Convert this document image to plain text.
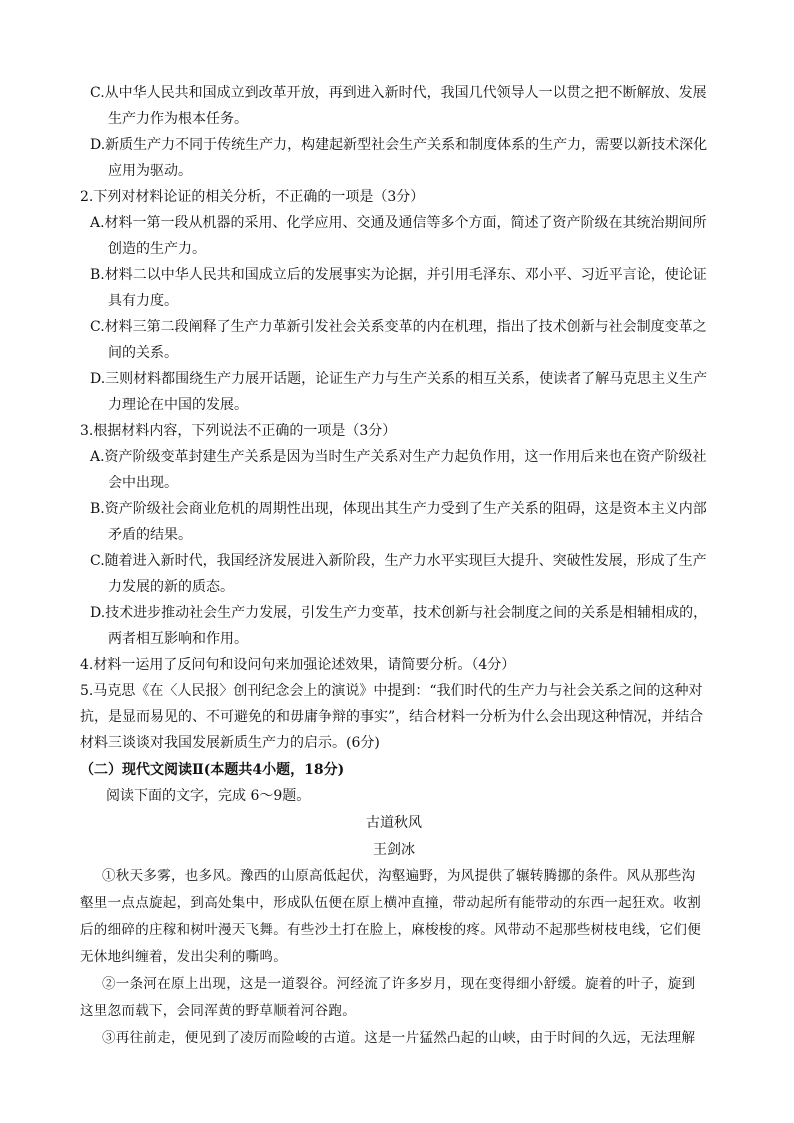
C.从中华人民共和国成立到改革开放，再到进入新时代，我国几代领导人一以贯之把不断解放、发展
生产力作为根本任务。
D.新质生产力不同于传统生产力，构建起新型社会生产关系和制度体系的生产力，需要以新技术深化
应用为驱动。
2.下列对材料论证的相关分析，不正确的一项是（3分）
A.材料一第一段从机器的采用、化学应用、交通及通信等多个方面，简述了资产阶级在其统治期间所
创造的生产力。
B.材料二以中华人民共和国成立后的发展事实为论据，并引用毛泽东、邓小平、习近平言论，使论证
具有力度。
C.材料三第二段阐释了生产力革新引发社会关系变革的内在机理，指出了技术创新与社会制度变革之
间的关系。
D.三则材料都围绕生产力展开话题，论证生产力与生产关系的相互关系，使读者了解马克思主义生产
力理论在中国的发展。
3.根据材料内容，下列说法不正确的一项是（3分）
A.资产阶级变革封建生产关系是因为当时生产关系对生产力起负作用，这一作用后来也在资产阶级社
会中出现。
B.资产阶级社会商业危机的周期性出现，体现出其生产力受到了生产关系的阻碍，这是资本主义内部
矛盾的结果。
C.随着进入新时代，我国经济发展进入新阶段，生产力水平实现巨大提升、突破性发展，形成了生产
力发展的新的质态。
D.技术进步推动社会生产力发展，引发生产力变革，技术创新与社会制度之间的关系是相辅相成的，
两者相互影响和作用。
4.材料一运用了反问句和设问句来加强论述效果，请简要分析。（4分）
5.马克思《在〈人民报〉创刊纪念会上的演说》中提到：“我们时代的生产力与社会关系之间的这种对
抗，是显而易见的、不可避免的和毋庸争辩的事实”，结合材料一分析为什么会出现这种情况，并结合
材料三谈谈对我国发展新质生产力的启示。(6分)
（二）现代文阅读Ⅱ(本题共4小题，18分)
阅读下面的文字，完成 6～9题。
古道秋风
王剑冰
①秋天多雾，也多风。豫西的山原高低起伏，沟壑遍野，为风提供了辗转腾挪的条件。风从那些沟
壑里一点点旋起，到高处集中，形成队伍便在原上横冲直撞，带动起所有能带动的东西一起狂欢。收割
后的细碎的庄稼和树叶漫天飞舞。有些沙土打在脸上，麻梭梭的疼。风带动不起那些树枝电线，它们便
无休地纠缠着，发出尖利的嘶鸣。
②一条河在原上出现，这是一道裂谷。河经流了许多岁月，现在变得细小舒缓。旋着的叶子，旋到
这里忽而载下，会同浑黄的野草顺着河谷跑。
③再往前走，便见到了凌厉而险峻的古道。这是一片猛然凸起的山峡，由于时间的久远，无法理解
